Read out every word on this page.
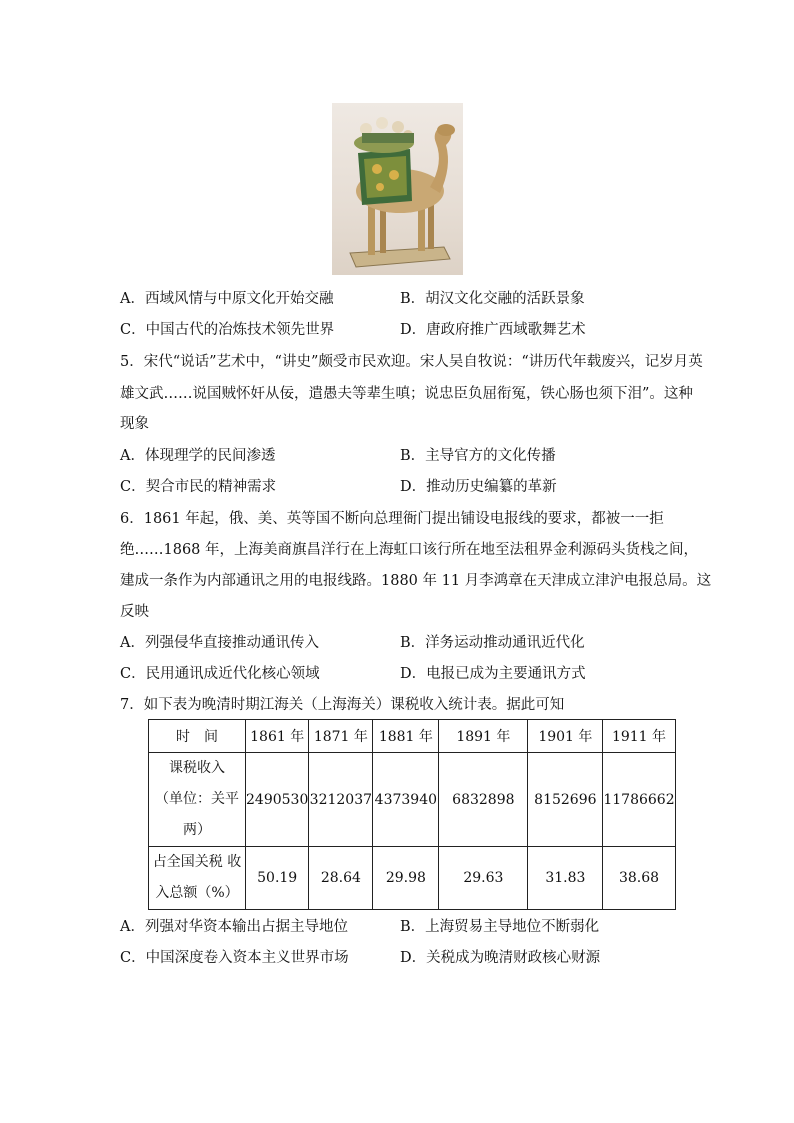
A．西域风情与中原文化开始交融	B．胡汉文化交融的活跃景象
C．中国古代的冶炼技术领先世界	D．唐政府推广西域歌舞艺术
5．宋代“说话”艺术中，“讲史”颇受市民欢迎。宋人吴自牧说：“讲历代年载废兴，记岁月英
雄文武……说国贼怀奸从佞，遣愚夫等辈生嗔；说忠臣负屈衔冤，铁心肠也须下泪”。这种
现象
A．体现理学的民间渗透	B．主导官方的文化传播
C．契合市民的精神需求	D．推动历史编纂的革新
6．1861 年起，俄、美、英等国不断向总理衙门提出铺设电报线的要求，都被一一拒
绝……1868 年，上海美商旗昌洋行在上海虹口该行所在地至法租界金利源码头货栈之间，
建成一条作为内部通讯之用的电报线路。1880 年 11 月李鸿章在天津成立津沪电报总局。这
反映
A．列强侵华直接推动通讯传入	B．洋务运动推动通讯近代化
C．民用通讯成近代化核心领域	D．电报已成为主要通讯方式
7．如下表为晚清时期江海关（上海海关）课税收入统计表。据此可知
时　间	1861 年	1871 年	1881 年	1891 年	1901 年	1911 年

课税收入
（单位：关平
两）	2490530	3212037	4373940	6832898	8152696	11786662

占全国关税 收
入总额（%）	50.19	28.64	29.98	29.63	31.83	38.68
A．列强对华资本输出占据主导地位	B．上海贸易主导地位不断弱化
C．中国深度卷入资本主义世界市场	D．关税成为晚清财政核心财源
